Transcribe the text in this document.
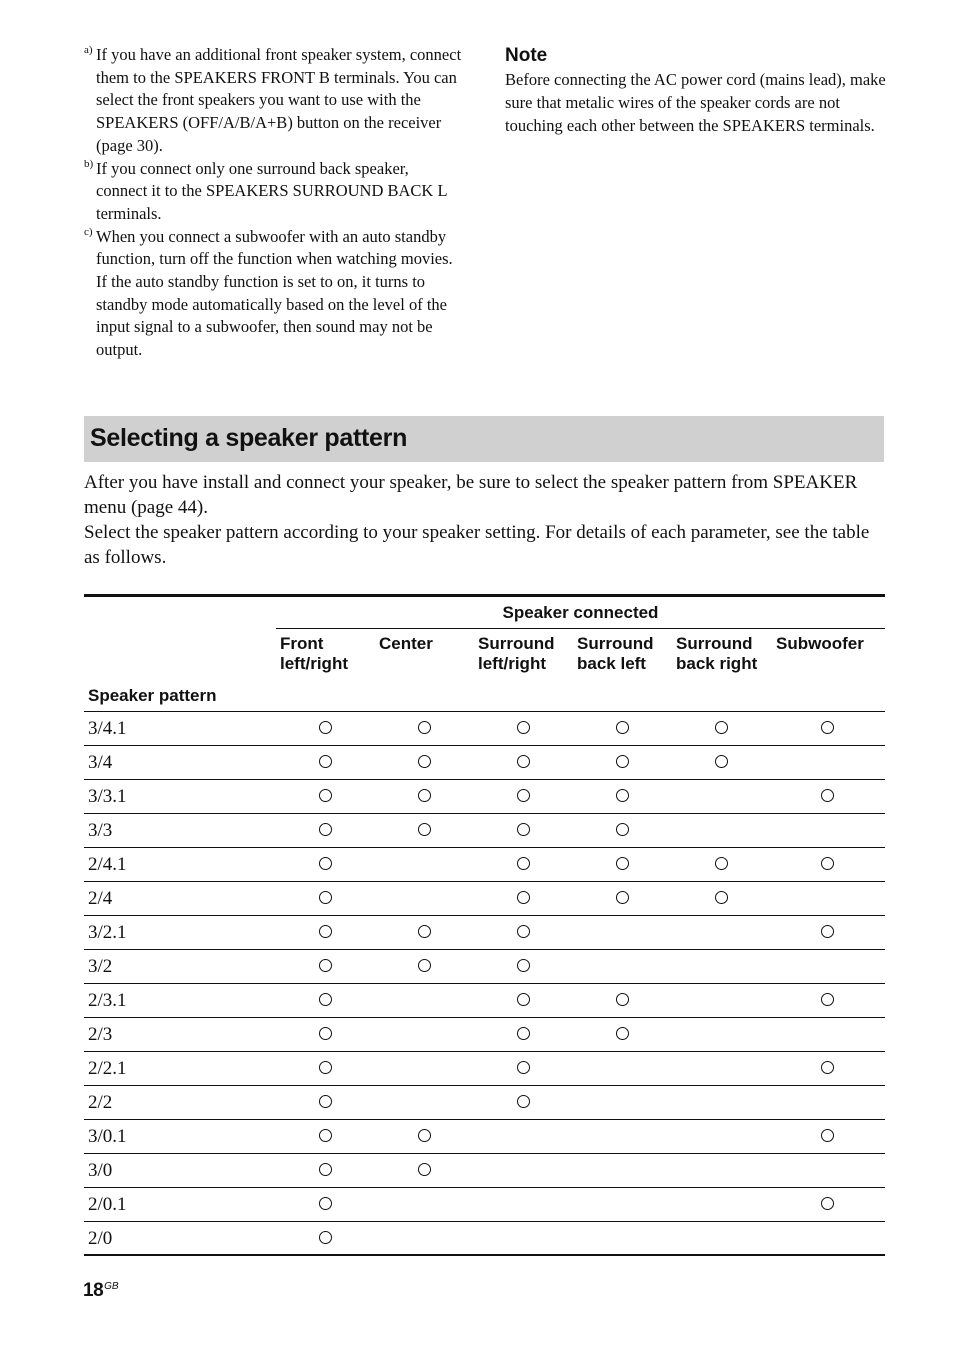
a) If you have an additional front speaker system, connect them to the SPEAKERS FRONT B terminals. You can select the front speakers you want to use with the SPEAKERS (OFF/A/B/A+B) button on the receiver (page 30).
b) If you connect only one surround back speaker, connect it to the SPEAKERS SURROUND BACK L terminals.
c) When you connect a subwoofer with an auto standby function, turn off the function when watching movies. If the auto standby function is set to on, it turns to standby mode automatically based on the level of the input signal to a subwoofer, then sound may not be output.
Note
Before connecting the AC power cord (mains lead), make sure that metalic wires of the speaker cords are not touching each other between the SPEAKERS terminals.
Selecting a speaker pattern

After you have install and connect your speaker, be sure to select the speaker pattern from SPEAKER menu (page 44).

Select the speaker pattern according to your speaker setting. For details of each parameter, see the table as follows.

Speaker connected
Front
left/right
Center	Surround
left/right
Surround
back left
Surround
back right
Subwoofer
Speaker pattern
3/4.1
3/4
3/3.1
3/3
2/4.1
2/4
3/2.1
3/2
2/3.1
2/3
2/2.1
2/2
3/0.1
3/0
2/0.1
2/0
$18^{GB}$
